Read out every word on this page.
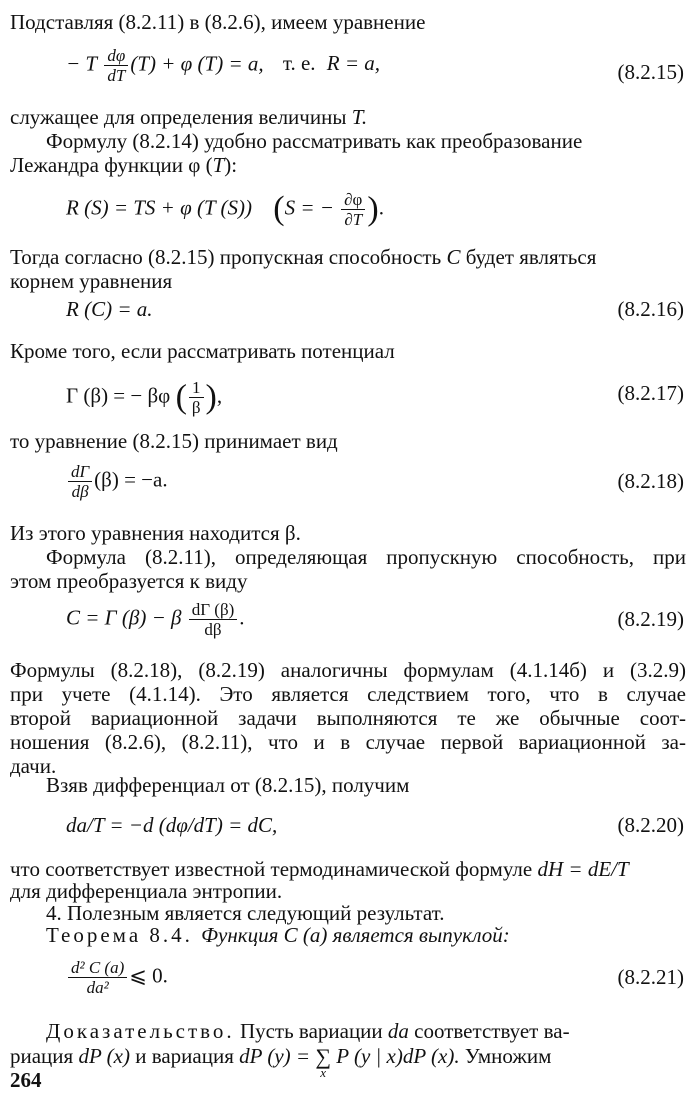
Подставляя (8.2.11) в (8.2.6), имеем уравнение
− T $\frac{d\varphi}{dT} (T) + \varphi$ (T) = a, т. е. R = a,	(8.2.15)
служащее для определения величины T.
Формулу (8.2.14) удобно рассматривать как преобразование
Лежандра функции φ (T):
R (S) = TS + φ (T (S)) (S = − $\frac{\partial\varphi}{\partial T}$ ).
Тогда согласно (8.2.15) пропускная способность C будет являться
корнем уравнения
R (C) = a.	(8.2.16)
Кроме того, если рассматривать потенциал
Γ (β) = − βφ ( $\frac{1}{\beta}$ ),	(8.2.17)
то уравнение (8.2.15) принимает вид
$\frac{d\Gamma}{d\beta} (\beta) = -a$.	(8.2.18)
Из этого уравнения находится β.
Формула (8.2.11), определяющая пропускную способность, при
этом преобразуется к виду
C = Γ (β) − β $\frac{d\Gamma (\beta)}{d\beta}$ .	(8.2.19)
Формулы (8.2.18), (8.2.19) аналогичны формулам (4.1.14б) и (3.2.9)
при учете (4.1.14). Это является следствием того, что в случае
второй вариационной задачи выполняются те же обычные соот-
ношения (8.2.6), (8.2.11), что и в случае первой вариационной за-
дачи.
Взяв дифференциал от (8.2.15), получим
da/T = −d (dφ/dT) = dC,	(8.2.20)
что соответствует известной термодинамической формуле dH = dE/T
для дифференциала энтропии.
4. Полезным является следующий результат.
Теорема 8.4. Функция C (a) является выпуклой:
$\frac{\text{d² C (a)}}{\text{da²}}$ ⩽ 0.	(8.2.21)
Доказательство. Пусть вариации da соответствует ва-
риация dP (x) и вариация dP (y) = ∑
x
P (y | x)dP (x). Умножим
264
